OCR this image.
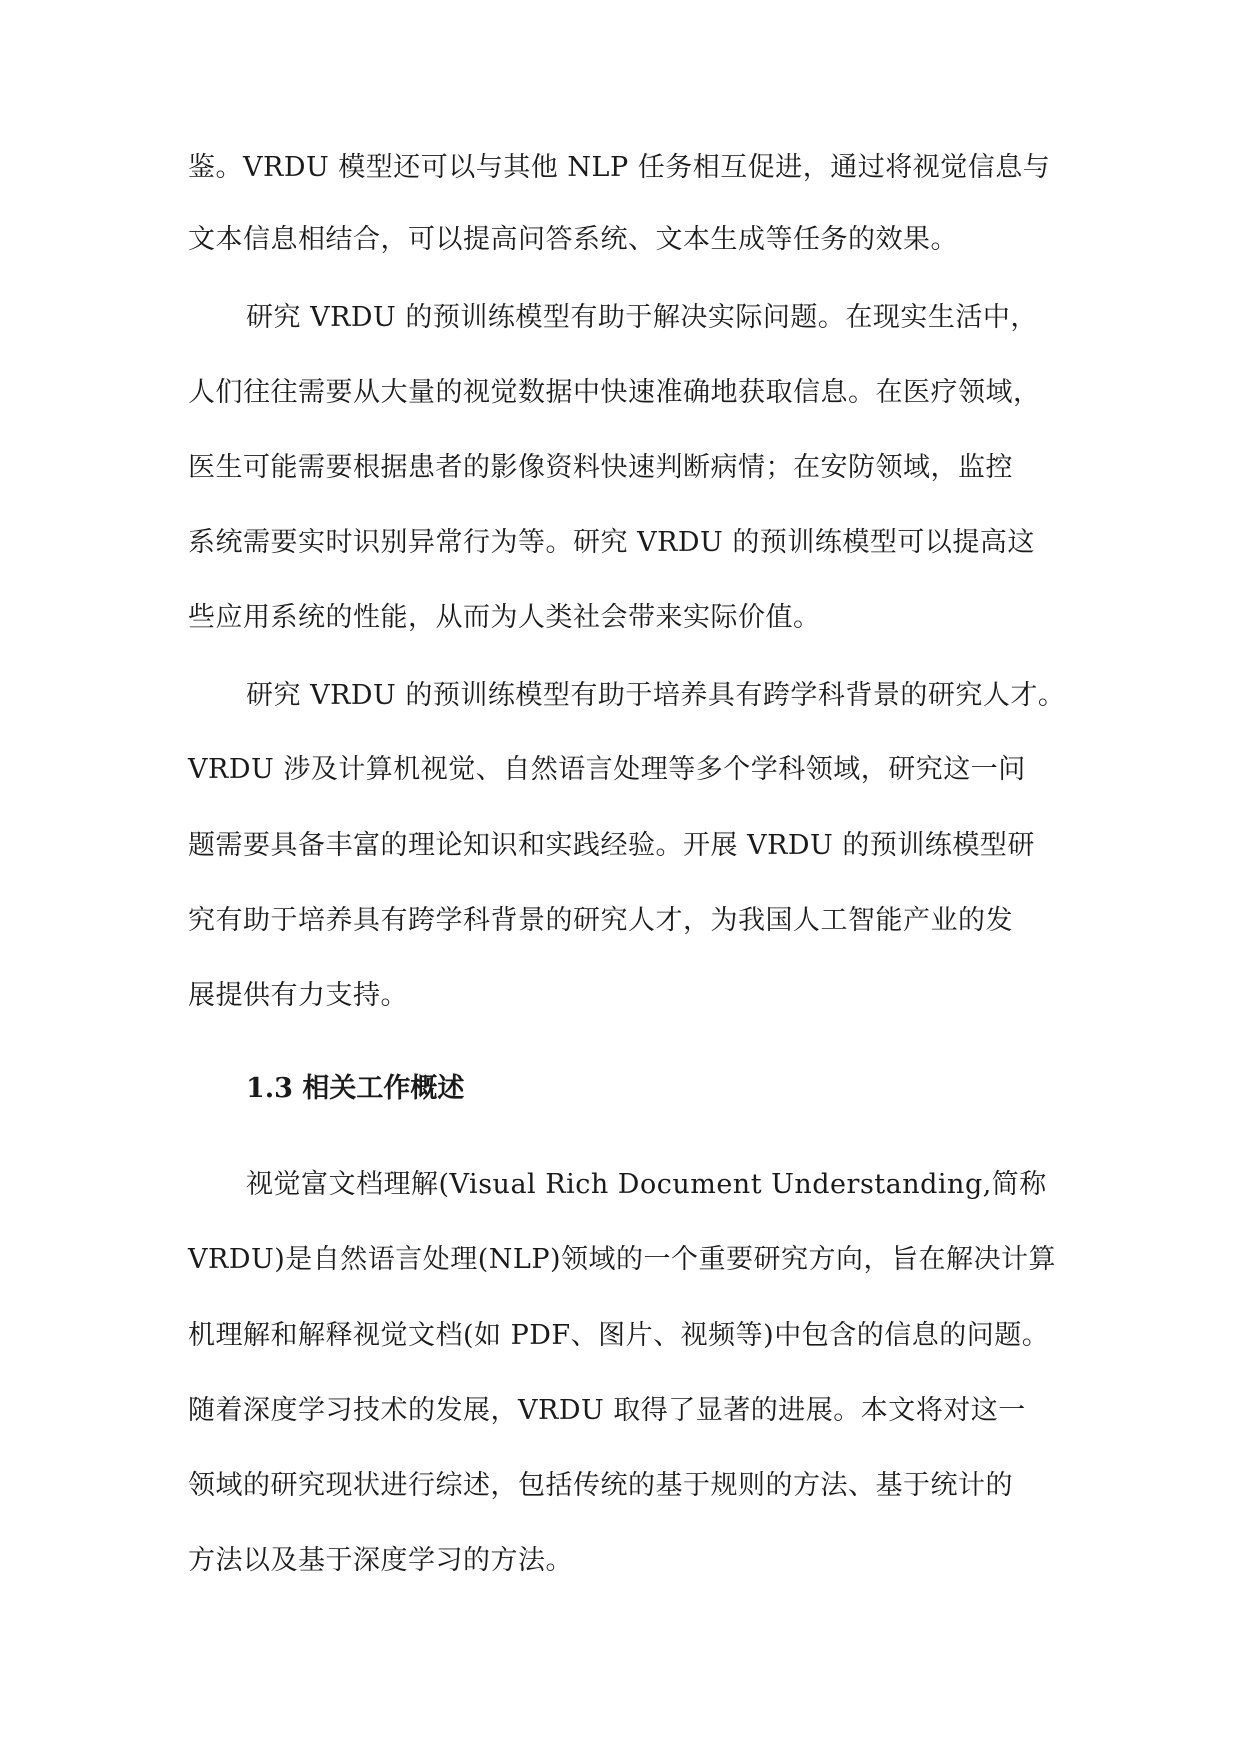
鉴。VRDU 模型还可以与其他 NLP 任务相互促进，通过将视觉信息与
文本信息相结合，可以提高问答系统、文本生成等任务的效果。
研究 VRDU 的预训练模型有助于解决实际问题。在现实生活中，
人们往往需要从大量的视觉数据中快速准确地获取信息。在医疗领域，
医生可能需要根据患者的影像资料快速判断病情；在安防领域，监控
系统需要实时识别异常行为等。研究 VRDU 的预训练模型可以提高这
些应用系统的性能，从而为人类社会带来实际价值。
研究 VRDU 的预训练模型有助于培养具有跨学科背景的研究人才。
VRDU 涉及计算机视觉、自然语言处理等多个学科领域，研究这一问
题需要具备丰富的理论知识和实践经验。开展 VRDU 的预训练模型研
究有助于培养具有跨学科背景的研究人才，为我国人工智能产业的发
展提供有力支持。
1.3 相关工作概述
视觉富文档理解(Visual Rich Document Understanding,简称
VRDU)是自然语言处理(NLP)领域的一个重要研究方向，旨在解决计算
机理解和解释视觉文档(如 PDF、图片、视频等)中包含的信息的问题。
随着深度学习技术的发展，VRDU 取得了显著的进展。本文将对这一
领域的研究现状进行综述，包括传统的基于规则的方法、基于统计的
方法以及基于深度学习的方法。
